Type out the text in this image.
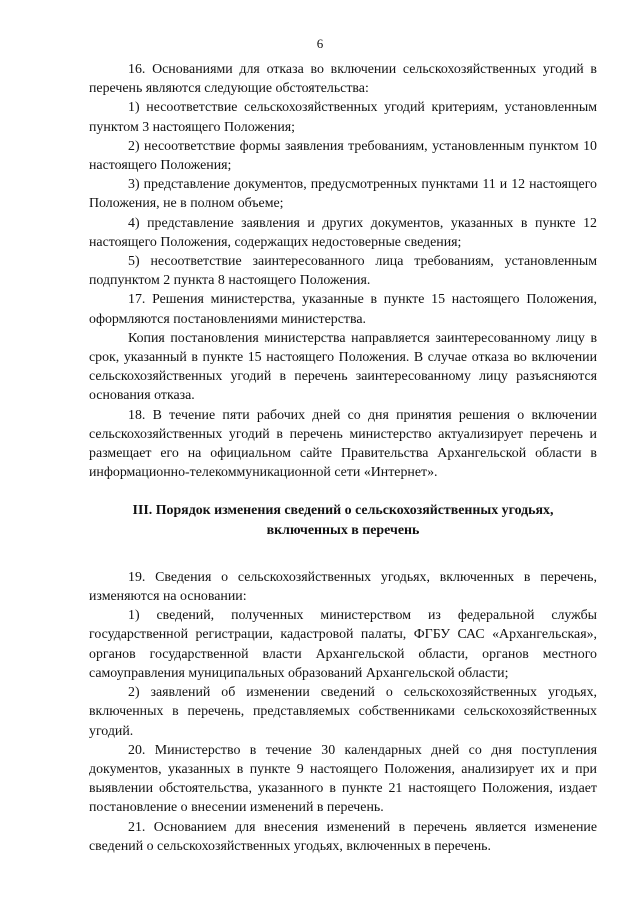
6

16. Основаниями для отказа во включении сельскохозяйственных угодий в перечень являются следующие обстоятельства:

1) несоответствие сельскохозяйственных угодий критериям, установленным пунктом 3 настоящего Положения;

2) несоответствие формы заявления требованиям, установленным пунктом 10 настоящего Положения;

3) представление документов, предусмотренных пунктами 11 и 12 настоящего Положения, не в полном объеме;

4) представление заявления и других документов, указанных в пункте 12 настоящего Положения, содержащих недостоверные сведения;

5) несоответствие заинтересованного лица требованиям, установленным подпунктом 2 пункта 8 настоящего Положения.

17. Решения министерства, указанные в пункте 15 настоящего Положения, оформляются постановлениями министерства.

Копия постановления министерства направляется заинтересованному лицу в срок, указанный в пункте 15 настоящего Положения. В случае отказа во включении сельскохозяйственных угодий в перечень заинтересованному лицу разъясняются основания отказа.

18. В течение пяти рабочих дней со дня принятия решения о включении сельскохозяйственных угодий в перечень министерство актуализирует перечень и размещает его на официальном сайте Правительства Архангельской области в информационно-телекоммуникационной сети «Интернет».

III. Порядок изменения сведений о сельскохозяйственных угодьях,

включенных в перечень

19. Сведения о сельскохозяйственных угодьях, включенных в перечень, изменяются на основании:

1) сведений, полученных министерством из федеральной службы государственной регистрации, кадастровой палаты, ФГБУ САС «Архангельская», органов государственной власти Архангельской области, органов местного самоуправления муниципальных образований Архангельской области;

2) заявлений об изменении сведений о сельскохозяйственных угодьях, включенных в перечень, представляемых собственниками сельскохозяйственных угодий.

20. Министерство в течение 30 календарных дней со дня поступления документов, указанных в пункте 9 настоящего Положения, анализирует их и при выявлении обстоятельства, указанного в пункте 21 настоящего Положения, издает постановление о внесении изменений в перечень.

21. Основанием для внесения изменений в перечень является изменение сведений о сельскохозяйственных угодьях, включенных в перечень.
